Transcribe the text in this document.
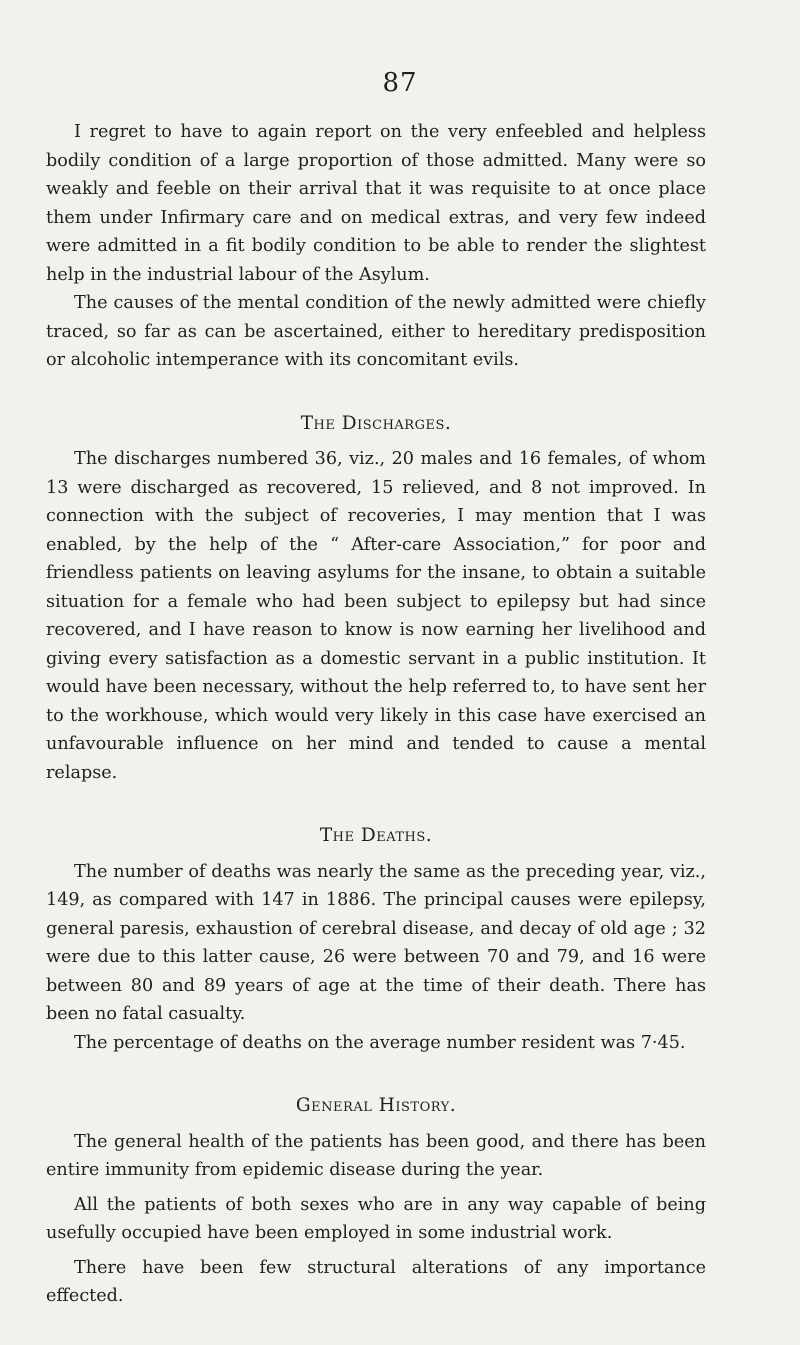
87

I regret to have to again report on the very enfeebled and helpless bodily condition of a large proportion of those admitted. Many were so weakly and feeble on their arrival that it was requisite to at once place them under Infirmary care and on medical extras, and very few indeed were admitted in a fit bodily condition to be able to render the slightest help in the industrial labour of the Asylum.

The causes of the mental condition of the newly admitted were chiefly traced, so far as can be ascertained, either to hereditary predisposition or alcoholic intemperance with its concomitant evils.

The Discharges.

The discharges numbered 36, viz., 20 males and 16 females, of whom 13 were discharged as recovered, 15 relieved, and 8 not improved. In connection with the subject of recoveries, I may mention that I was enabled, by the help of the “ After-care Association,” for poor and friendless patients on leaving asylums for the insane, to obtain a suitable situation for a female who had been subject to epilepsy but had since recovered, and I have reason to know is now earning her livelihood and giving every satisfaction as a domestic servant in a public institution. It would have been necessary, without the help referred to, to have sent her to the workhouse, which would very likely in this case have exercised an unfavourable influence on her mind and tended to cause a mental relapse.

The Deaths.

The number of deaths was nearly the same as the preceding year, viz., 149, as compared with 147 in 1886. The principal causes were epilepsy, general paresis, exhaustion of cerebral disease, and decay of old age ; 32 were due to this latter cause, 26 were between 70 and 79, and 16 were between 80 and 89 years of age at the time of their death. There has been no fatal casualty.

The percentage of deaths on the average number resident was 7·45.

General History.

The general health of the patients has been good, and there has been entire immunity from epidemic disease during the year.

All the patients of both sexes who are in any way capable of being usefully occupied have been employed in some industrial work.

There have been few structural alterations of any importance effected.
